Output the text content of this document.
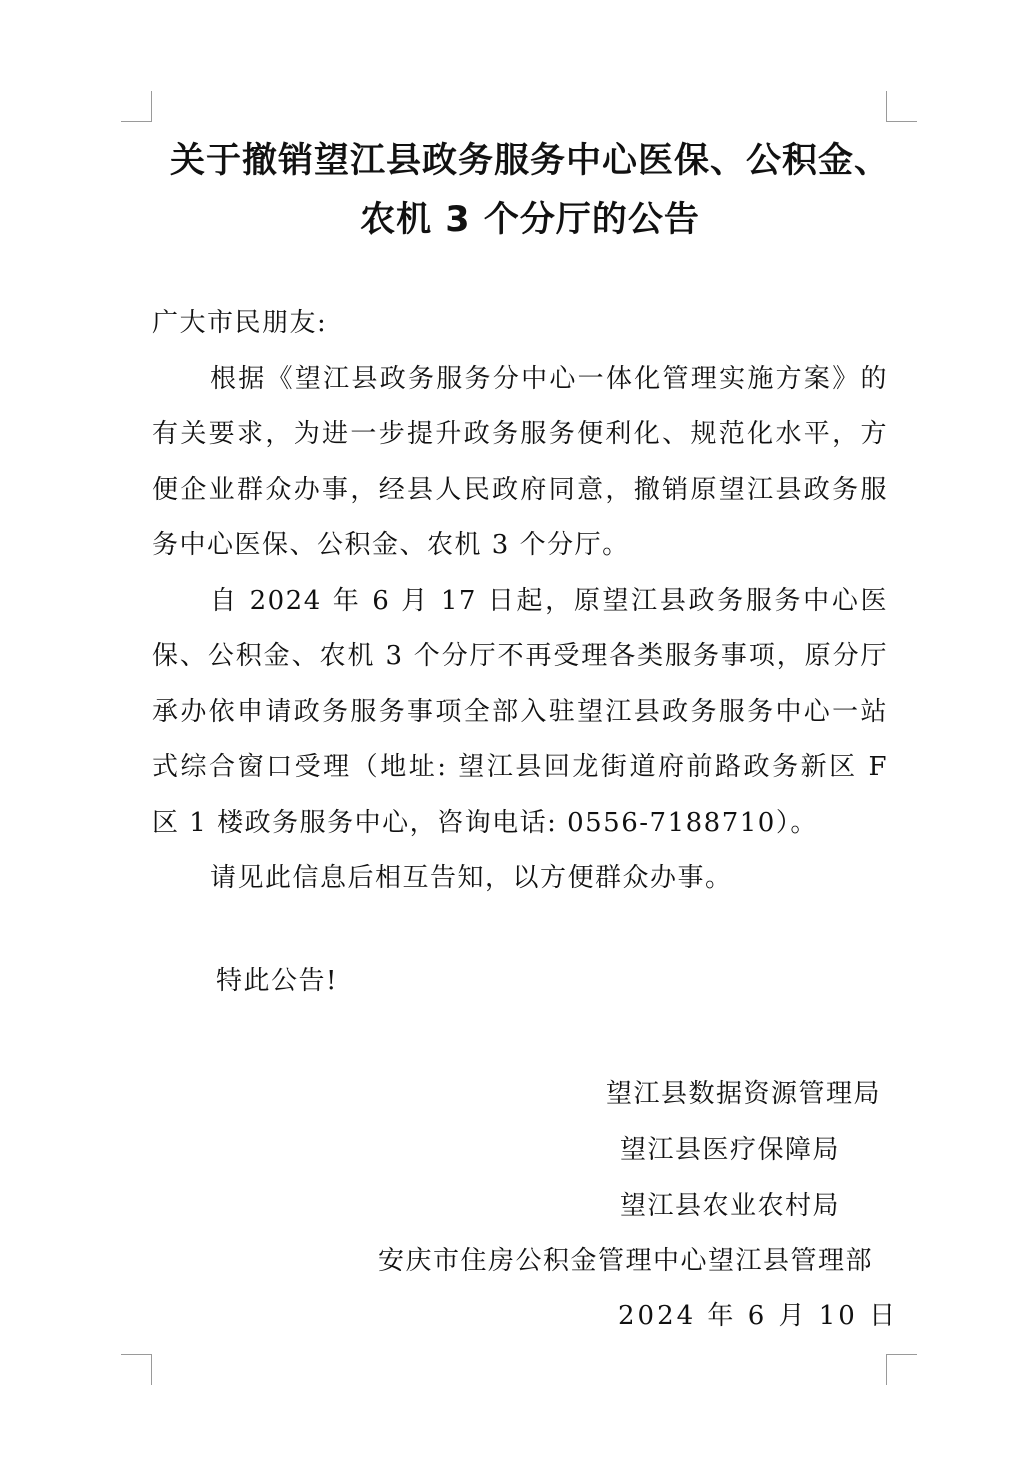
关于撤销望江县政务服务中心医保、公积金、
农机 3 个分厅的公告

广大市民朋友:

根据《望江县政务服务分中心一体化管理实施方案》的有关要求，为进一步提升政务服务便利化、规范化水平，方便企业群众办事，经县人民政府同意，撤销原望江县政务服务中心医保、公积金、农机 3 个分厅。

自 2024 年 6 月 17 日起，原望江县政务服务中心医保、公积金、农机 3 个分厅不再受理各类服务事项，原分厅承办依申请政务服务事项全部入驻望江县政务服务中心一站式综合窗口受理（地址: 望江县回龙街道府前路政务新区 F 区 1 楼政务服务中心，咨询电话: 0556-7188710）。

请见此信息后相互告知，以方便群众办事。

特此公告!

望江县数据资源管理局

望江县医疗保障局

望江县农业农村局

安庆市住房公积金管理中心望江县管理部

2024 年 6 月 10 日
